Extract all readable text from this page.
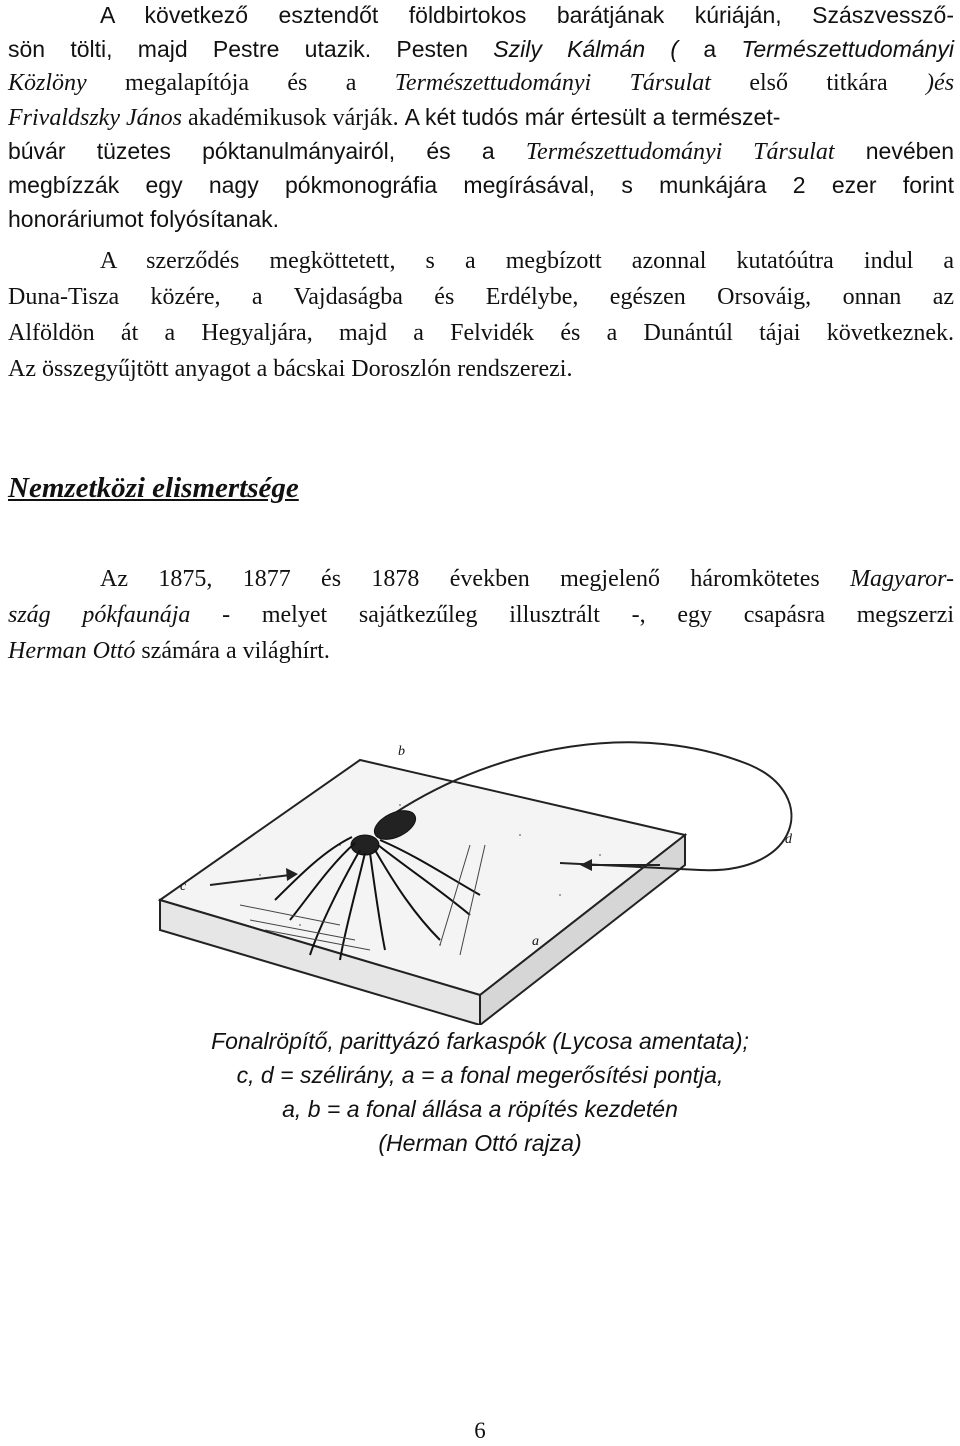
A következő esztendőt földbirtokos barátjának kúriáján, Szászvessző-
sön tölti, majd Pestre utazik. Pesten Szily Kálmán ( a Természettudományi
Közlöny megalapítója és a Természettudományi Társulat első titkára )és
Frivaldszky János akadémikusok várják. A két tudós már értesült a természet-
búvár tüzetes póktanulmányairól, és a Természettudományi Társulat nevében
megbízzák egy nagy pókmonográfia megírásával, s munkájára 2 ezer forint
honoráriumot folyósítanak.
A szerződés megköttetett, s a megbízott azonnal kutatóútra indul a
Duna-Tisza közére, a Vajdaságba és Erdélybe, egészen Orsováig, onnan az
Alföldön át a Hegyaljára, majd a Felvidék és a Dunántúl tájai következnek.
Az összegyűjtött anyagot a bácskai Doroszlón rendszerezi.
Nemzetközi elismertsége
Az 1875, 1877 és 1878 években megjelenő háromkötetes Magyaror-
szág pókfaunája - melyet sajátkezűleg illusztrált -, egy csapásra megszerzi
Herman Ottó számára a világhírt.
b
d
c
a
Fonalröpítő, parittyázó farkaspók (Lycosa amentata);
c, d = szélirány, a = a fonal megerősítési pontja,
a, b = a fonal állása a röpítés kezdetén
(Herman Ottó rajza)
6
